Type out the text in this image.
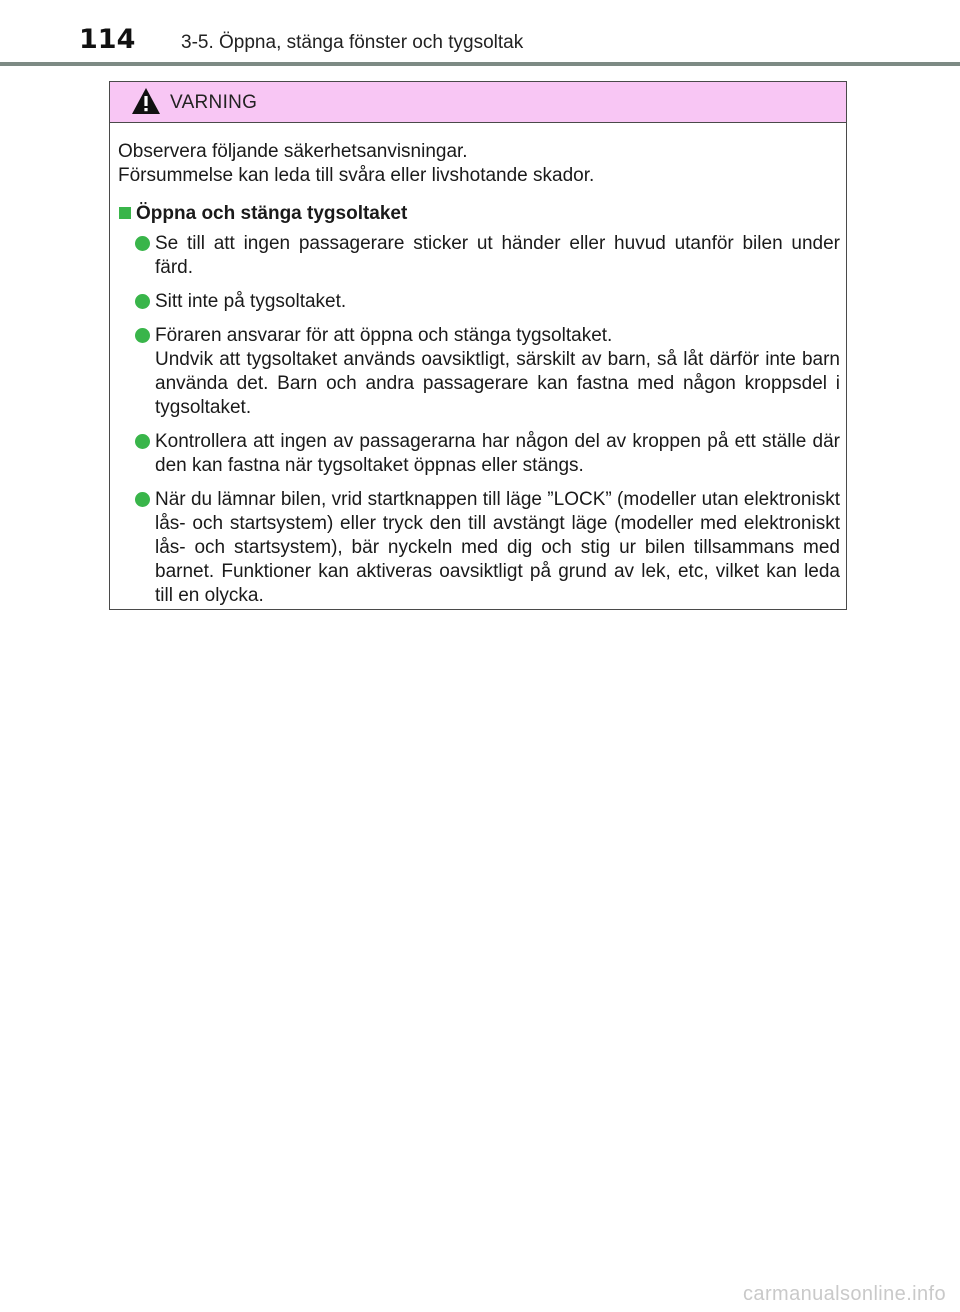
114 3-5. Öppna, stänga fönster och tygsoltak
VARNING

Observera följande säkerhetsanvisningar.

Försummelse kan leda till svåra eller livshotande skador.

Öppna och stänga tygsoltaket

Se till att ingen passagerare sticker ut händer eller huvud utanför bilen under färd.

Sitt inte på tygsoltaket.

Föraren ansvarar för att öppna och stänga tygsoltaket.

Undvik att tygsoltaket används oavsiktligt, särskilt av barn, så låt därför inte barn använda det. Barn och andra passagerare kan fastna med någon kroppsdel i tygsoltaket.

Kontrollera att ingen av passagerarna har någon del av kroppen på ett ställe där den kan fastna när tygsoltaket öppnas eller stängs.

När du lämnar bilen, vrid startknappen till läge ”LOCK” (modeller utan elektroniskt lås- och startsystem) eller tryck den till avstängt läge (modeller med elektroniskt lås- och startsystem), bär nyckeln med dig och stig ur bilen tillsammans med barnet. Funktioner kan aktiveras oavsiktligt på grund av lek, etc, vilket kan leda till en olycka.

carmanualsonline.info
